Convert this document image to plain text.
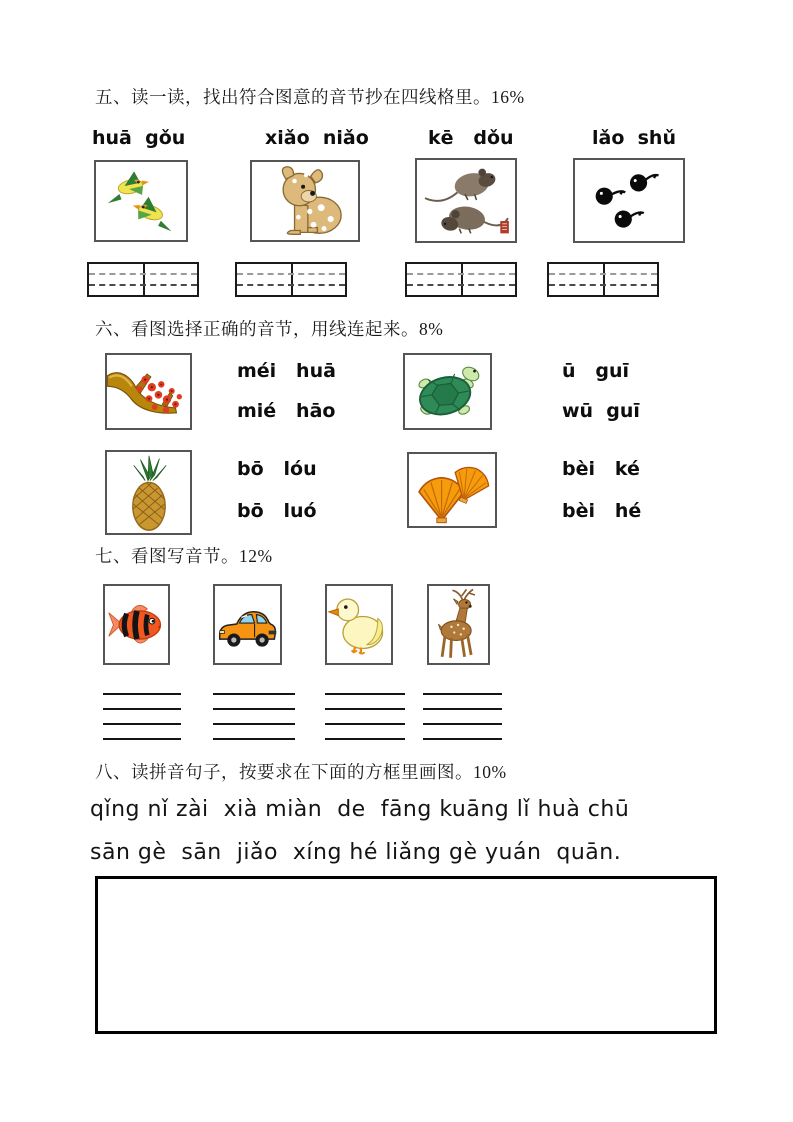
五、读一读，找出符合图意的音节抄在四线格里。16%
huā  gǒu	xiǎo  niǎo	kē   dǒu	lǎo  shǔ
六、看图选择正确的音节，用线连起来。8%
méi   huā
mié   hāo
ū   guī
wū  guī
bō   lóu
bō   luó
bèi   ké
bèi   hé
七、看图写音节。12%
八、读拼音句子，按要求在下面的方框里画图。10%
qǐng nǐ zài  xià miàn  de  fāng kuāng lǐ huà chū
sān gè  sān  jiǎo  xíng hé liǎng gè yuán  quān.
